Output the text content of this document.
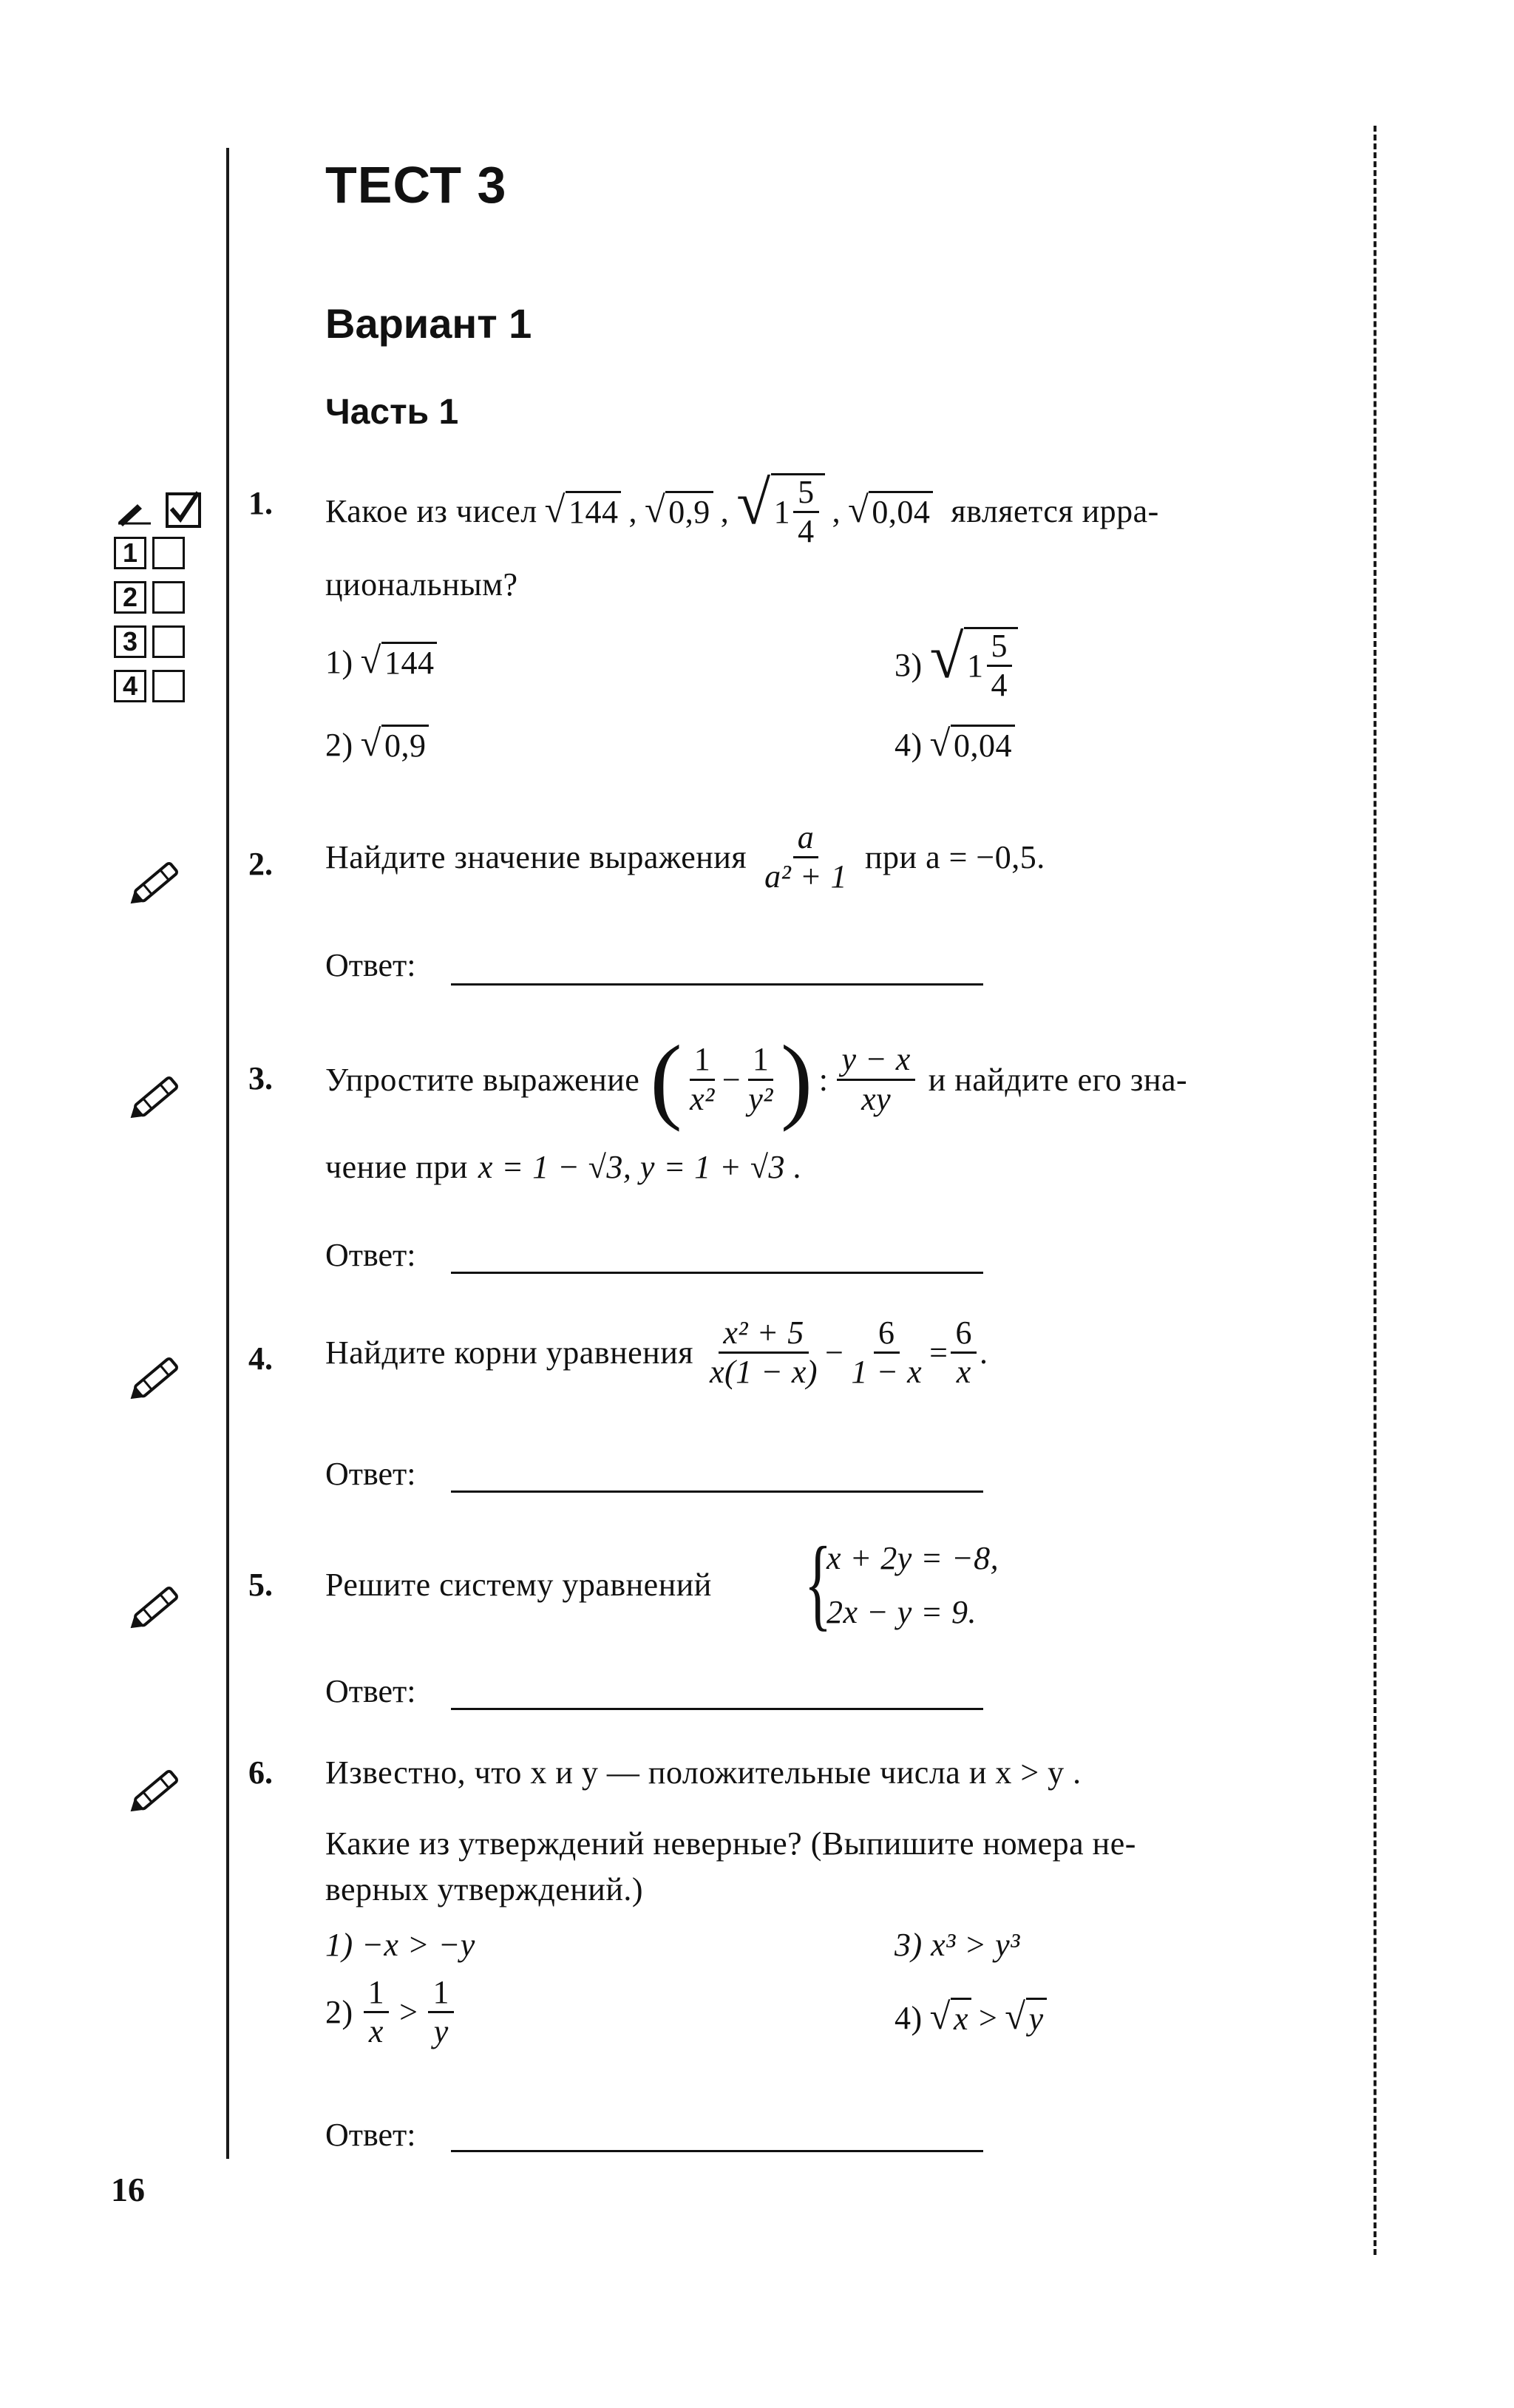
ТЕСТ 3
Вариант 1
Часть 1
1
2
3
4
1. Какое из чисел √ 144 , √ 0,9 , √ $1 \frac{5}{4}$ , √ 0,04 является ирра-
циональным?
1) √ 144
2) √ 0,9
3) √ $1 \frac{5}{4}$
4) √ 0,04
2. Найдите значение выражения $\frac{a}{\text{a² + 1}}$ при a = −0,5.
Ответ:
3. Упростите выражение ( $\frac{1}{\text{x²}} - \frac{1}{\text{y²}}$ ) : $\frac{y - x}{xy}$ и найдите его зна-
чение при x = 1 − √3, y = 1 + √3 .
Ответ:
4. Найдите корни уравнения $\frac{\text{x² + 5}}{x(1 - x)} - \frac{6}{1 - x} = \frac{6}{x}$ .
Ответ:
5. Решите систему уравнений {
x + 2y = −8,
2x − y = 9.
Ответ:
6. Известно, что x и y — положительные числа и x > y .
Какие из утверждений неверные? (Выпишите номера не-
верных утверждений.)
1) −x > −y	3) x³ > y³
$2) \frac{1}{x} > \frac{1}{y}$	4) √ x > √ y
Ответ:
16
